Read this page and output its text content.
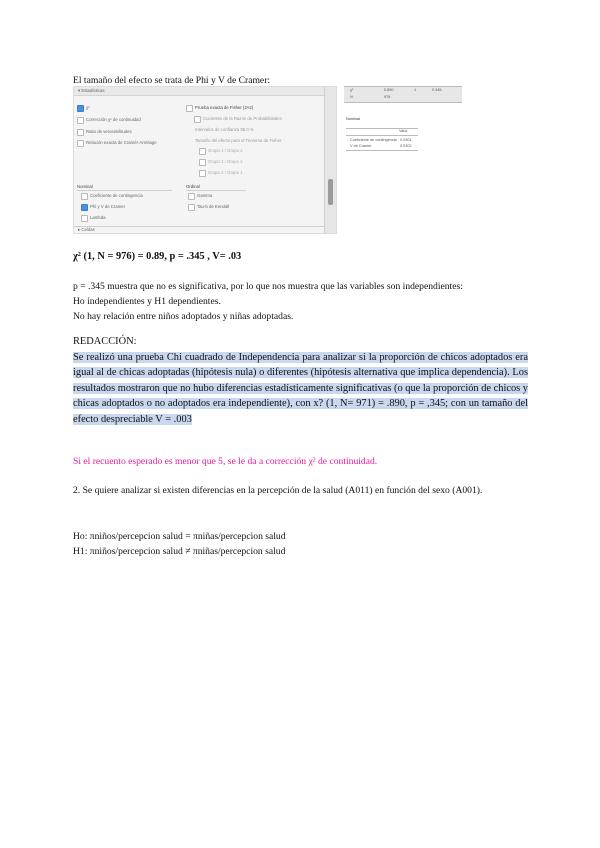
El tamaño del efecto se trata de Phi y V de Cramer:
▾ Estadísticas
χ²
Corrección χ² de continuidad
Ratio de verosimilitudes
Relación exacta de Cramér-Armitage
Prueba exacta de Fisher (2×2)
Cocientes de la Razón de Probabilidades
Intervalos de confianza 95.0 %
Tamaño del efecto para el Teorema de Fisher
Grupo 1 / Grupo 2
Grupo 1 / Grupo 2
Grupo 2 / Grupo 1
Nominal
Coeficiente de contingencia
Phi y V de Cramer
Lambda
Ordinal
Gamma
Tau-b de Kendall
▸ Celdas
χ²	0.890	1	0.345
N	976
Nominal
Valor
Coeficiente de contingencia 0.0301
V de Cramer	0.0302
χ² (1, N = 976) = 0.89, p = .345 , V= .03
p = .345 muestra que no es significativa, por lo que nos muestra que las variables son independientes:
Ho independientes y H1 dependientes.
No hay relación entre niños adoptados y niñas adoptadas.
REDACCIÓN:
Se realizó una prueba Chi cuadrado de Independencia para analizar si la proporción de chicos adoptados era igual al de chicas adoptadas (hipótesis nula) o diferentes (hipótesis alternativa que implica dependencia). Los resultados mostraron que no hubo diferencias estadísticamente significativas (o que la proporción de chicos y chicas adoptados o no adoptados era independiente), con x? (1, N= 971) = .890, p = ,345; con un tamaño del efecto despreciable V = .003
Si el recuento esperado es menor que 5, se le da a corrección χ² de continuidad.
2. Se quiere analizar si existen diferencias en la percepción de la salud (A011) en función del sexo (A001).
Ho: πniños/percepcion salud = πniñas/percepcion salud
H1: πniños/percepcion salud ≠ πniñas/percepcion salud
